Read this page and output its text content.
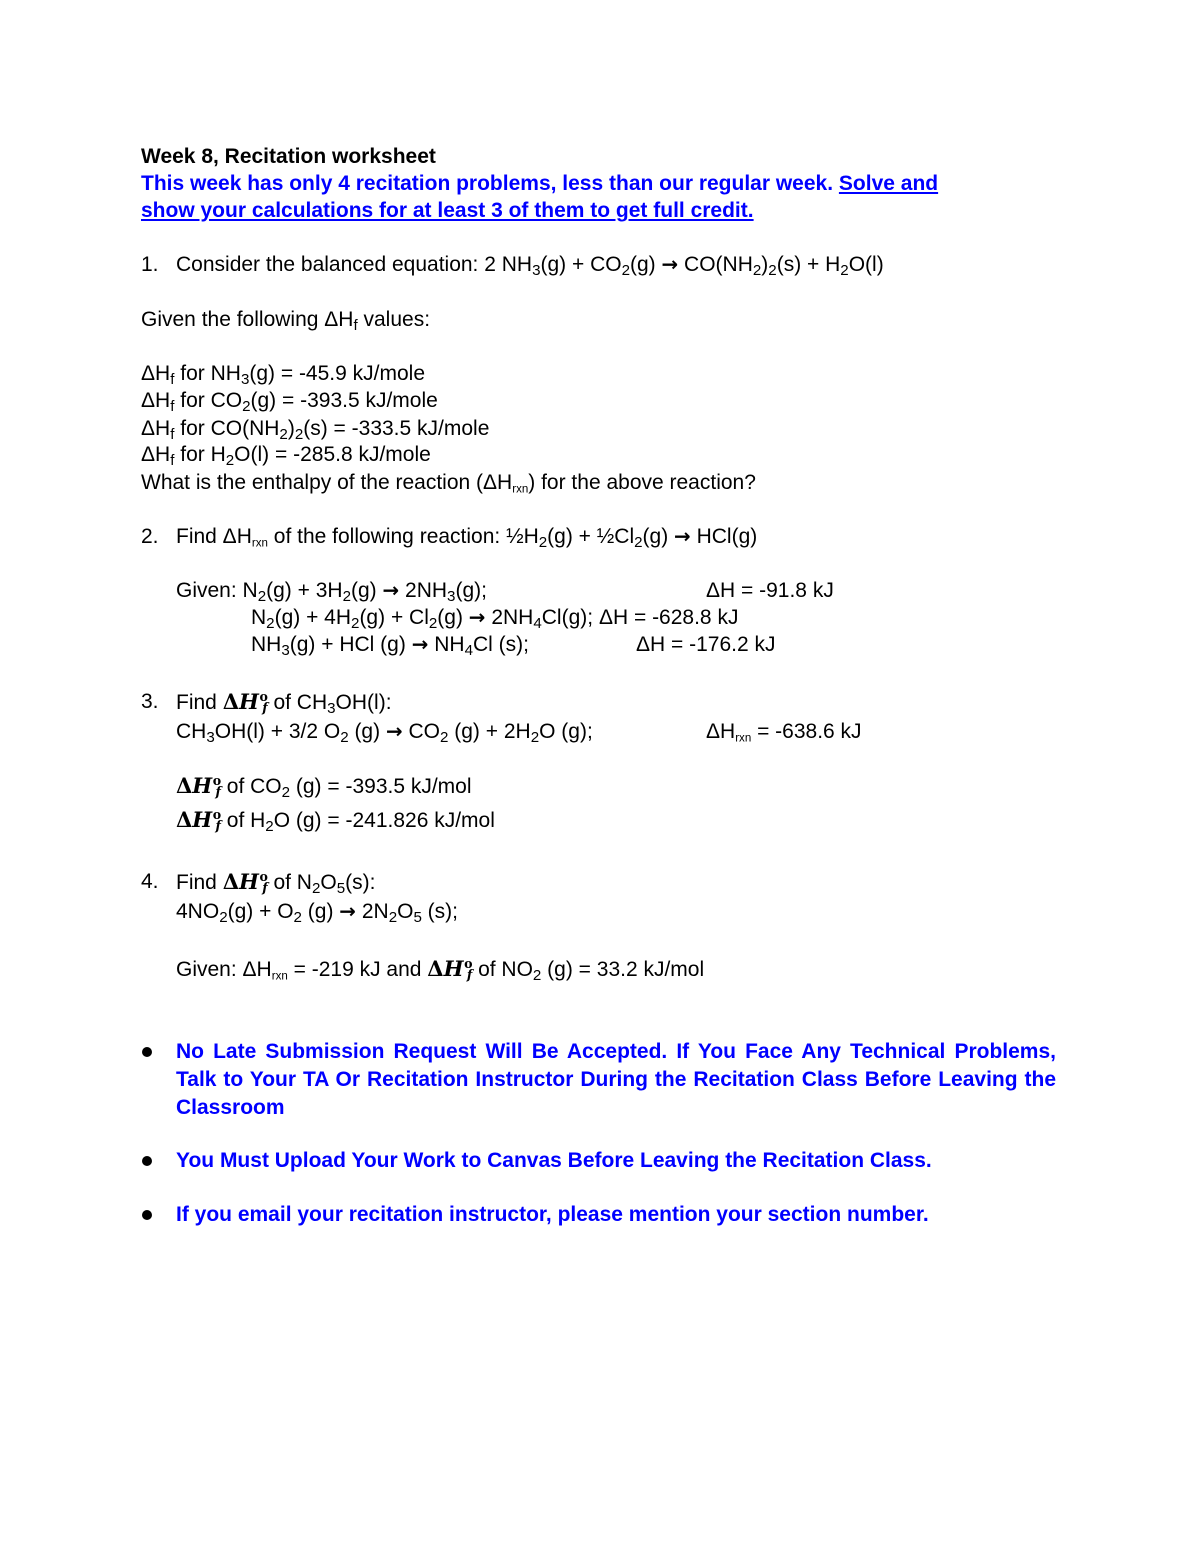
Week 8, Recitation worksheet
This week has only 4 recitation problems, less than our regular week. Solve and
show your calculations for at least 3 of them to get full credit.
1. Consider the balanced equation: 2 $NH_3(g) + CO_2(g) \to CO(NH_2)_2(s) + H_2O(l)$
Given the following $\Delta H_f$ values:
$\Delta H_f$ for $NH_3(g) = -45.9$ kJ/mole
$\Delta H_f$ for $CO_2(g) = -393.5$ kJ/mole
$\Delta H_f$ for $CO(NH_2)_2(s) = -333.5$ kJ/mole
$\Delta H_f$ for $H_2O(l) = -285.8$ kJ/mole
What is the enthalpy of the reaction (ΔHrxn) for the above reaction?
2. Find ΔHrxn of the following reaction: $\frac{1}{2}H_2(g)$ + $\frac{1}{2}Cl_2(g) \to HCl(g)$
Given: $N_2(g) + 3H_2(g) \to 2NH_3(g)$;	ΔH = -91.8 kJ
$N_2(g) + 4H_2(g) + Cl_2(g) \to 2NH_4Cl(g)$; ΔH = -628.8 kJ
$NH_3(g)$ + HCl $(g) \to NH_4Cl$ (s);	ΔH = -176.2 kJ
3. Find $\Delta H^of$ of $CH_3OH(l)$:
$CH_3OH(l) + 3/2$ $O_2$ $(g) \to CO_2$ $(g) + 2H_2O$ (g);	ΔHrxn = -638.6 kJ
$\Delta H^of$ of $CO_2$ (g) = -393.5 kJ/mol
$\Delta H^of$ of $H_2O$ (g) = -241.826 kJ/mol
4. Find $\Delta H^of$ of $N_2O_5(s)$:
$4NO_2(g) + O_2$ $(g) \to 2N_2O_5$ (s);
Given: ΔHrxn = -219 kJ and $\Delta H^of$ of $NO_2$ (g) = 33.2 kJ/mol
No Late Submission Request Will Be Accepted. If You Face Any Technical Problems, Talk to Your TA Or Recitation Instructor During the Recitation Class Before Leaving the Classroom
You Must Upload Your Work to Canvas Before Leaving the Recitation Class.
If you email your recitation instructor, please mention your section number.
